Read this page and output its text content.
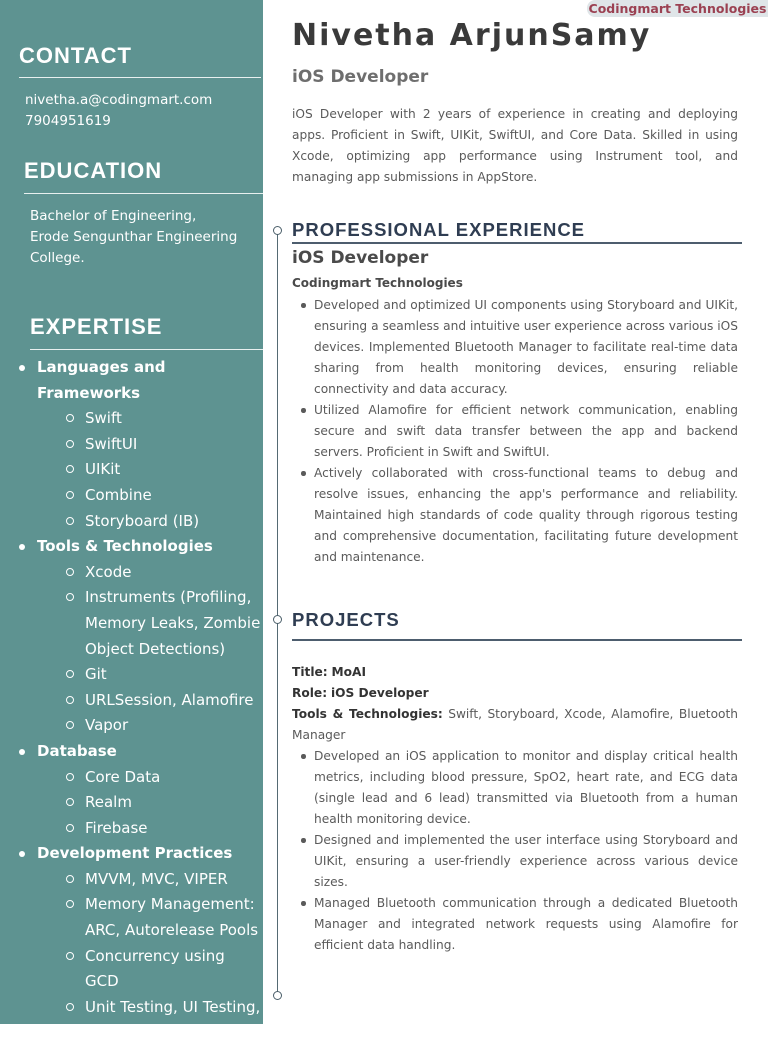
CONTACT
nivetha.a@codingmart.com
7904951619
EDUCATION
Bachelor of Engineering,
Erode Sengunthar Engineering
College.
EXPERTISE
Languages and Frameworks
Swift
SwiftUI
UIKit
Combine
Storyboard (IB)
Tools & Technologies
Xcode
Instruments (Profiling, Memory Leaks, Zombie Object Detections)
Git
URLSession, Alamofire
Vapor
Database
Core Data
Realm
Firebase
Development Practices
MVVM, MVC, VIPER
Memory Management: ARC, Autorelease Pools
Concurrency using GCD
Unit Testing, UI Testing, XCTest
Codingmart Technologies
Nivetha ArjunSamy
iOS Developer

iOS Developer with 2 years of experience in creating and deploying apps. Proficient in Swift, UIKit, SwiftUI, and Core Data. Skilled in using Xcode, optimizing app performance using Instrument tool, and managing app submissions in AppStore.

PROFESSIONAL EXPERIENCE
iOS Developer
Codingmart Technologies
Developed and optimized UI components using Storyboard and UIKit, ensuring a seamless and intuitive user experience across various iOS devices. Implemented Bluetooth Manager to facilitate real-time data sharing from health monitoring devices, ensuring reliable connectivity and data accuracy.
Utilized Alamofire for efficient network communication, enabling secure and swift data transfer between the app and backend servers. Proficient in Swift and SwiftUI.
Actively collaborated with cross-functional teams to debug and resolve issues, enhancing the app's performance and reliability. Maintained high standards of code quality through rigorous testing and comprehensive documentation, facilitating future development and maintenance.
PROJECTS
Title: MoAI
Role: iOS Developer
Tools & Technologies: Swift, Storyboard, Xcode, Alamofire, Bluetooth Manager
Developed an iOS application to monitor and display critical health metrics, including blood pressure, SpO2, heart rate, and ECG data (single lead and 6 lead) transmitted via Bluetooth from a human health monitoring device.
Designed and implemented the user interface using Storyboard and UIKit, ensuring a user-friendly experience across various device sizes.
Managed Bluetooth communication through a dedicated Bluetooth Manager and integrated network requests using Alamofire for efficient data handling.
